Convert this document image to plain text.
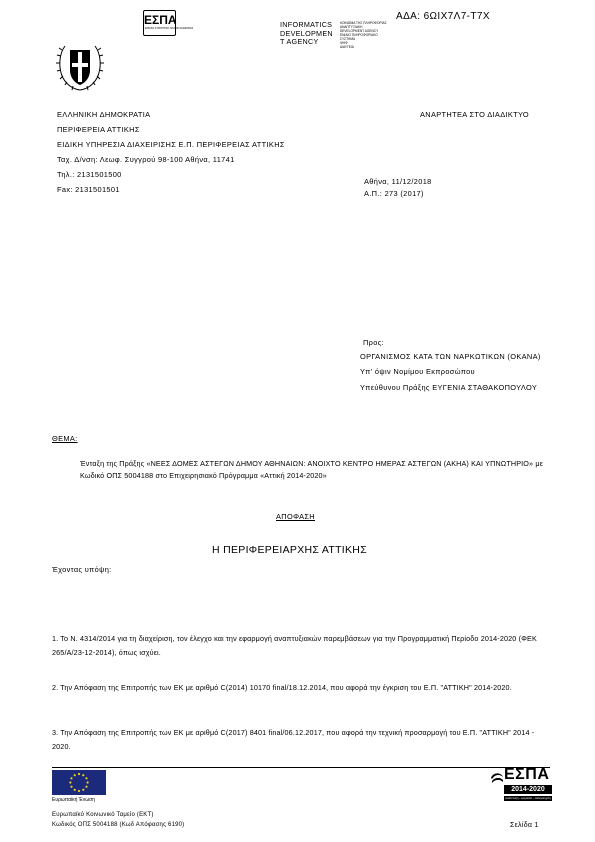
ΕΣΠΑ
ΕΘΝΙΚΟ ΣΤΡΑΤΗΓΙΚΟ ΠΛΑΙΣΙΟ ΑΝΑΦΟΡΑΣ	INFORMATICS
DEVELOPMEN
T AGENCY
ΚΟΙΝΩΝΙΑ ΤΗΣ ΠΛΗΡΟΦΟΡΙΑΣ
ΑΝΑΠΤΥΞΙΑΚΗ
DEVELOPMENT AGENCY
ΕΝΙΑΙΟ ΠΛΗΡΟΦΟΡΙΑΚΟ
ΣΥΣΤΗΜΑ
ΨΗΦ
ΔΙΑΥΓΕΙΑ
ΑΔΑ: 6ΩΙΧ7Λ7-Τ7Χ
ΕΛΛΗΝΙΚΗ ΔΗΜΟΚΡΑΤΙΑ
ΠΕΡΙΦΕΡΕΙΑ ΑΤΤΙΚΗΣ
ΕΙΔΙΚΗ ΥΠΗΡΕΣΙΑ ΔΙΑΧΕΙΡΙΣΗΣ Ε.Π. ΠΕΡΙΦΕΡΕΙΑΣ ΑΤΤΙΚΗΣ
Ταχ. Δ/νση: Λεωφ. Συγγρού 98-100 Αθήνα, 11741
Τηλ.: 2131501500
Fax: 2131501501
ΑΝΑΡΤΗΤΕΑ ΣΤΟ ΔΙΑΔΙΚΤΥΟ
Αθήνα, 11/12/2018
Α.Π.: 273 (2017)
Προς:
ΟΡΓΑΝΙΣΜΟΣ ΚΑΤΑ ΤΩΝ ΝΑΡΚΩΤΙΚΩΝ (ΟΚΑΝΑ)
Υπ' όψιν Νομίμου Εκπροσώπου
Υπεύθυνου Πράξης ΕΥΓΕΝΙΑ ΣΤΑΘΑΚΟΠΟΥΛΟΥ
ΘΕΜΑ:
Ένταξη της Πράξης «ΝΕΕΣ ΔΟΜΕΣ ΑΣΤΕΓΩΝ ΔΗΜΟΥ ΑΘΗΝΑΙΩΝ: ΑΝΟΙΧΤΟ ΚΕΝΤΡΟ ΗΜΕΡΑΣ ΑΣΤΕΓΩΝ (ΑΚΗΑ) ΚΑΙ ΥΠΝΩΤΗΡΙΟ» με Κωδικό ΟΠΣ 5004188 στο Επιχειρησιακό Πρόγραμμα «Αττική 2014-2020»
ΑΠΟΦΑΣΗ
Η ΠΕΡΙΦΕΡΕΙΑΡΧΗΣ ΑΤΤΙΚΗΣ
Έχοντας υπόψη:
1. Το Ν. 4314/2014 για τη διαχείριση, τον έλεγχο και την εφαρμογή αναπτυξιακών παρεμβάσεων για την Προγραμματική Περίοδο 2014-2020 (ΦΕΚ 265/Α/23-12-2014), όπως ισχύει.
2. Την Απόφαση της Επιτροπής των ΕΚ με αριθμό C(2014) 10170 final/18.12.2014, που αφορά την έγκριση του Ε.Π. "ΑΤΤΙΚΗ" 2014-2020.
3. Την Απόφαση της Επιτροπής των ΕΚ με αριθμό C(2017) 8401 final/06.12.2017, που αφορά την τεχνική προσαρμογή του Ε.Π. "ΑΤΤΙΚΗ" 2014 - 2020.
Ευρωπαϊκή Ένωση
Ευρωπαϊκό Κοινωνικό Ταμείο (ΕΚΤ)
Κωδικός ΟΠΣ 5004188 (Κωδ Απόφασης 6190)
ΕΣΠΑ
2014-2020
ανάπτυξη - εργασία - αλληλεγγύη
Σελίδα 1
